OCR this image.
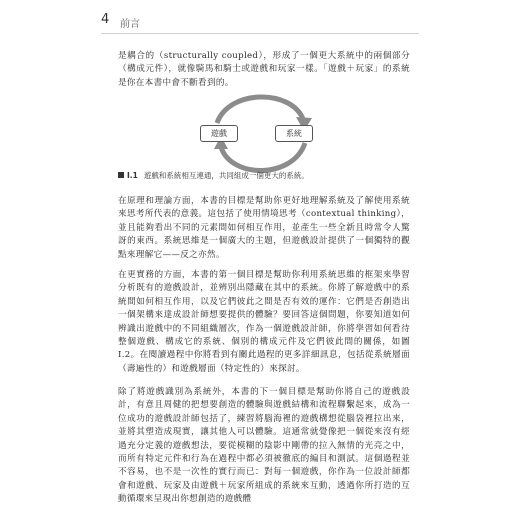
4 前言

是耦合的（structurally coupled），形成了一個更大系統中的兩個部分（構成元件），就像騎馬和騎士或遊戲和玩家一樣。「遊戲＋玩家」的系統是你在本書中會不斷看到的。

遊戲	系統
I.1 遊戲和系統相互連通，共同組成一個更大的系統。

在原理和理論方面，本書的目標是幫助你更好地理解系統及了解使用系統來思考所代表的意義。這包括了使用情境思考（contextual thinking），並且能夠看出不同的元素間如何相互作用，並產生一些全新且時常令人驚訝的東西。系統思維是一個廣大的主題，但遊戲設計提供了一個獨特的觀點來理解它——反之亦然。

在更實務的方面，本書的第一個目標是幫助你利用系統思維的框架來學習分析既有的遊戲設計，並辨別出隱藏在其中的系統。你將了解遊戲中的系統間如何相互作用，以及它們彼此之間是否有效的運作：它們是否創造出一個架構來達成設計師想要提供的體驗？要回答這個問題，你要知道如何辨識出遊戲中的不同組織層次，作為一個遊戲設計師，你將學習如何看待整個遊戲、構成它的系統、個別的構成元件及它們彼此間的關係，如圖 I.2。在閱讀過程中你將看到有關此過程的更多詳細訊息，包括從系統層面（壽遍性的）和遊戲層面（特定性的）來探討。

除了將遊戲識別為系統外，本書的下一個目標是幫助你將自己的遊戲設計，有意且周健的把想要創造的體驗與遊戲結構和流程聯繫起來，成為一位成功的遊戲設計師包括了，練習將腦海裡的遊戲構想從腦袋裡拉出來，並將其塑造成現實，讓其他人可以體驗。這通常就覺像把一個從來沒有經過充分定義的遊戲想法，要從模糊的陰影中剛帶的拉入無情的光亮之中，而所有特定元件和行為在過程中都必須被徹底的編目和測試。這個過程並不容易，也不是一次性的實行而已：對每一個遊戲，你作為一位設計師都會和遊戲、玩家及由遊戲＋玩家所組成的系統來互動，透過你所打造的互動循環來呈現出你想創造的遊戲體
